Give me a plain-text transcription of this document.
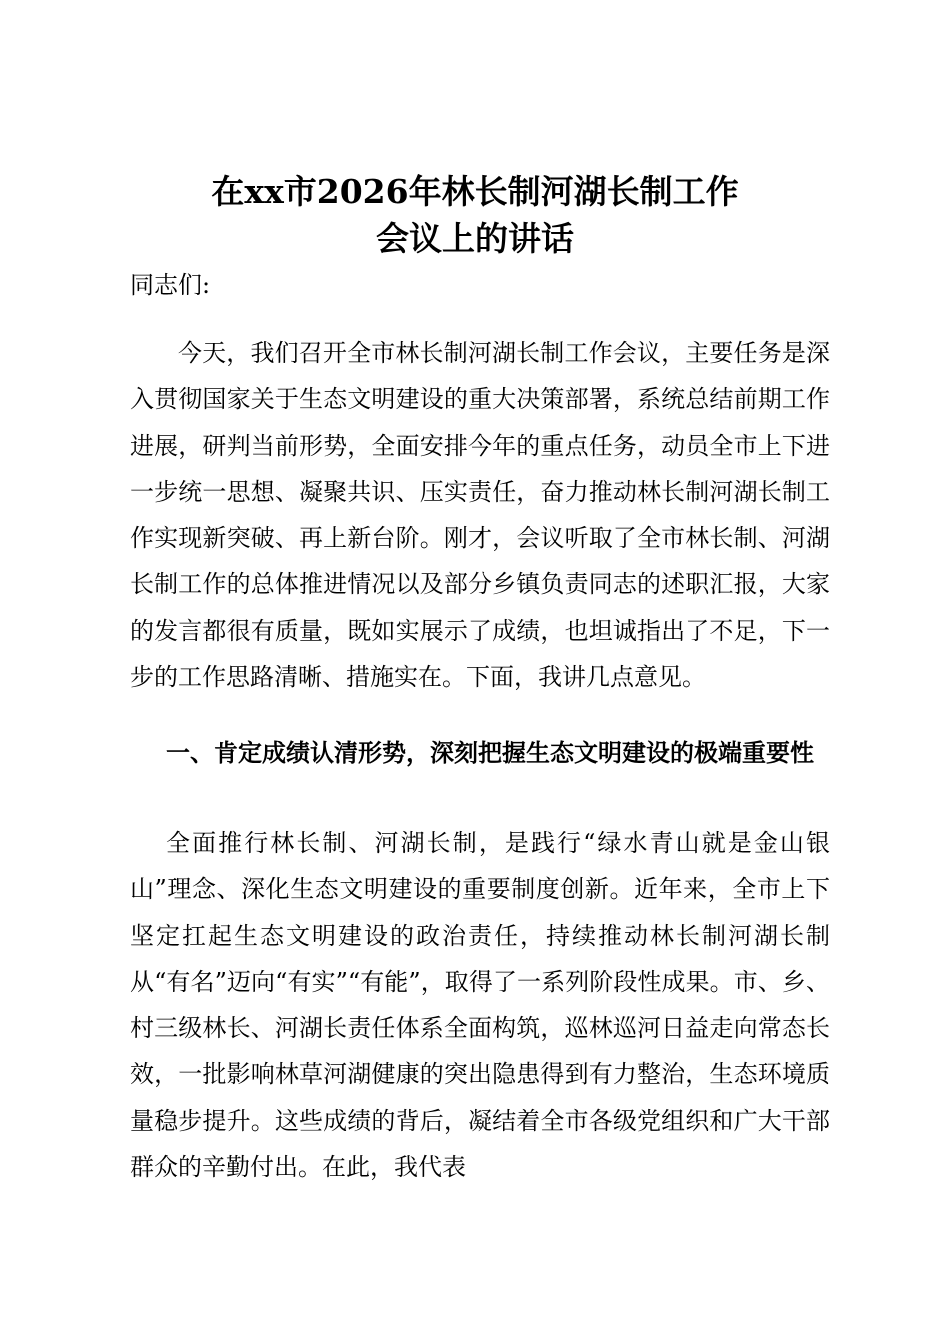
在xx市2026年林长制河湖长制工作
会议上的讲话

同志们:

今天，我们召开全市林长制河湖长制工作会议，主要任务是深入贯彻国家关于生态文明建设的重大决策部署，系统总结前期工作进展，研判当前形势，全面安排今年的重点任务，动员全市上下进一步统一思想、凝聚共识、压实责任，奋力推动林长制河湖长制工作实现新突破、再上新台阶。刚才，会议听取了全市林长制、河湖长制工作的总体推进情况以及部分乡镇负责同志的述职汇报，大家的发言都很有质量，既如实展示了成绩，也坦诚指出了不足，下一步的工作思路清晰、措施实在。下面，我讲几点意见。

一、肯定成绩认清形势，深刻把握生态文明建设的极端重要性

全面推行林长制、河湖长制，是践行“绿水青山就是金山银山”理念、深化生态文明建设的重要制度创新。近年来，全市上下坚定扛起生态文明建设的政治责任，持续推动林长制河湖长制从“有名”迈向“有实”“有能”，取得了一系列阶段性成果。市、乡、村三级林长、河湖长责任体系全面构筑，巡林巡河日益走向常态长效，一批影响林草河湖健康的突出隐患得到有力整治，生态环境质量稳步提升。这些成绩的背后，凝结着全市各级党组织和广大干部群众的辛勤付出。在此，我代表
